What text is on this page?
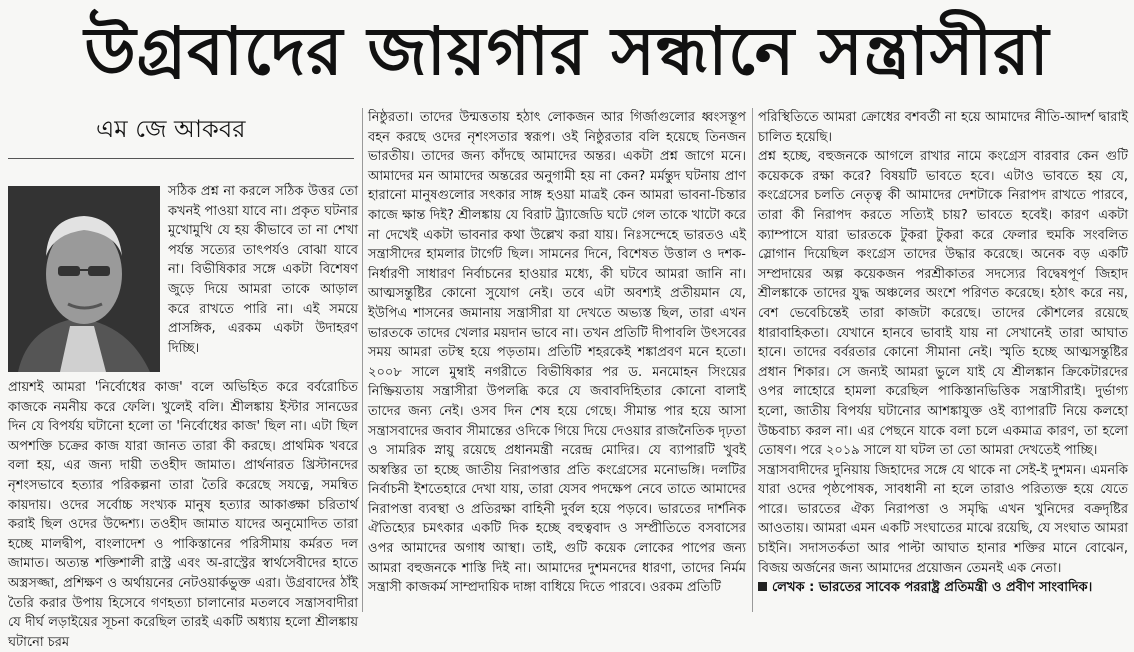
উগ্রবাদের জায়গার সন্ধানে সন্ত্রাসীরা
এম জে আকবর

সঠিক প্রশ্ন না করলে সঠিক উত্তর তো কখনই পাওয়া যাবে না। প্রকৃত ঘটনার মুখোমুখি যে হয় কীভাবে তা না শেখা পর্যন্ত সত্যের তাৎপর্যও বোঝা যাবে না। বিভীষিকার সঙ্গে একটা বিশেষণ জুড়ে দিয়ে আমরা তাকে আড়াল করে রাখতে পারি না। এই সময়ে প্রাসঙ্গিক, এরকম একটা উদাহরণ দিচ্ছি।

প্রায়শই আমরা 'নির্বোধের কাজ' বলে অভিহিত করে বর্বরোচিত কাজকে নমনীয় করে ফেলি। খুলেই বলি। শ্রীলঙ্কায় ইস্টার সানডের দিন যে বিপর্যয় ঘটানো হলো তা 'নির্বোধের কাজ' ছিল না। এটা ছিল অপশক্তি চক্রের কাজ যারা জানত তারা কী করছে। প্রাথমিক খবরে বলা হয়, এর জন্য দায়ী তওহীদ জামাত। প্রার্থনারত খ্রিস্টানদের নৃশংসভাবে হত্যার পরিকল্পনা তারা তৈরি করেছে সযত্নে, সমন্বিত কায়দায়। ওদের সর্বোচ্চ সংখ্যক মানুষ হত্যার আকাঙ্ক্ষা চরিতার্থ করাই ছিল ওদের উদ্দেশ্য। তওহীদ জামাত যাদের অনুমোদিত তারা হচ্ছে মালদ্বীপ, বাংলাদেশ ও পাকিস্তানের পরিসীমায় কর্মরত দল জামাত। অত্যন্ত শক্তিশালী রাস্ট্র এবং অ-রাস্ট্রের স্বার্থসেবীদের হাতে অস্ত্রসজ্জা, প্রশিক্ষণ ও অর্থায়নের নেটওয়ার্কভুক্ত এরা। উগ্রবাদের ঠাঁই তৈরি করার উপায় হিসেবে গণহত্যা চালানোর মতলবে সন্ত্রাসবাদীরা যে দীর্ঘ লড়াইয়ের সূচনা করেছিল তারই একটি অধ্যায় হলো শ্রীলঙ্কায় ঘটানো চরম

নিষ্ঠুরতা। তাদের উন্মত্ততায় হঠাৎ লোকজন আর গির্জাগুলোর ধ্বংসস্তূপ বহন করছে ওদের নৃশংসতার স্বরূপ। ওই নিষ্ঠুরতার বলি হয়েছে তিনজন ভারতীয়। তাদের জন্য কাঁদছে আমাদের অন্তর। একটা প্রশ্ন জাগে মনে। আমাদের মন আমাদের অন্তরের অনুগামী হয় না কেন? মর্মন্তুদ ঘটনায় প্রাণ হারানো মানুষগুলোর সৎকার সাঙ্গ হওয়া মাত্রই কেন আমরা ভাবনা-চিন্তার কাজে ক্ষান্ত দিই? শ্রীলঙ্কায় যে বিরাট ট্র্যাজেডি ঘটে গেল তাকে খাটো করে না দেখেই একটা ভাবনার কথা উল্লেখ করা যায়। নিঃসন্দেহে ভারতও এই সন্ত্রাসীদের হামলার টার্গেট ছিল। সামনের দিনে, বিশেষত উত্তাল ও দশক-নির্ধারণী সাধারণ নির্বাচনের হাওয়ার মধ্যে, কী ঘটবে আমরা জানি না। আত্মসন্তুষ্টির কোনো সুযোগ নেই। তবে এটা অবশ্যই প্রতীয়মান যে, ইউপিএ শাসনের জমানায় সন্ত্রাসীরা যা দেখতে অভ্যস্ত ছিল, তারা এখন ভারতকে তাদের খেলার ময়দান ভাবে না। তখন প্রতিটি দীপাবলি উৎসবের সময় আমরা তটস্থ হয়ে পড়তাম। প্রতিটি শহরকেই শঙ্কাপ্রবণ মনে হতো। ২০০৮ সালে মুম্বাই নগরীতে বিভীষিকার পর ড. মনমোহন সিংয়ের নিষ্ক্রিয়তায় সন্ত্রাসীরা উপলব্ধি করে যে জবাবদিহিতার কোনো বালাই তাদের জন্য নেই। ওসব দিন শেষ হয়ে গেছে। সীমান্ত পার হয়ে আসা সন্ত্রাসবাদের জবাব সীমান্তের ওদিকে গিয়ে দিয়ে দেওয়ার রাজনৈতিক দৃঢ়তা ও সামরিক স্নায়ু রয়েছে প্রধানমন্ত্রী নরেন্দ্র মোদির। যে ব্যাপারটি খুবই অস্বস্তির তা হচ্ছে জাতীয় নিরাপত্তার প্রতি কংগ্রেসের মনোভঙ্গি। দলটির নির্বাচনী ইশতেহারে দেখা যায়, তারা যেসব পদক্ষেপ নেবে তাতে আমাদের নিরাপত্তা ব্যবস্থা ও প্রতিরক্ষা বাহিনী দুর্বল হয়ে পড়বে। ভারতের দার্শনিক ঐতিহ্যের চমৎকার একটি দিক হচ্ছে বহুত্ববাদ ও সম্প্রীতিতে বসবাসের ওপর আমাদের অগাধ আস্থা। তাই, গুটি কয়েক লোকের পাপের জন্য আমরা বহুজনকে শাস্তি দিই না। আমাদের দুশমনদের ধারণা, তাদের নির্মম সন্ত্রাসী কাজকর্ম সাম্প্রদায়িক দাঙ্গা বাধিয়ে দিতে পারবে। ওরকম প্রতিটি

পরিস্থিতিতে আমরা ক্রোধের বশবর্তী না হয়ে আমাদের নীতি-আদর্শ দ্বারাই চালিত হয়েছি।

প্রশ্ন হচ্ছে, বহুজনকে আগলে রাখার নামে কংগ্রেস বারবার কেন গুটি কয়েককে রক্ষা করে? বিষয়টি ভাবতে হবে। এটাও ভাবতে হয় যে, কংগ্রেসের চলতি নেতৃত্ব কী আমাদের দেশটাকে নিরাপদ রাখতে পারবে, তারা কী নিরাপদ করতে সত্যিই চায়? ভাবতে হবেই। কারণ একটা ক্যাম্পাসে যারা ভারতকে টুকরা টুকরা করে ফেলার হুমকি সংবলিত স্লোগান দিয়েছিল কংগ্রেস তাদের উদ্ধার করেছে। অনেক বড় একটি সম্প্রদায়ের অল্প কয়েকজন পরশ্রীকাতর সদস্যের বিদ্বেষপূর্ণ জিহাদ শ্রীলঙ্কাকে তাদের যুদ্ধ অঞ্চলের অংশে পরিণত করেছে। হঠাৎ করে নয়, বেশ ভেবেচিন্তেই তারা কাজটা করেছে। তাদের কৌশলের রয়েছে ধারাবাহিকতা। যেখানে হানবে ভাবাই যায় না সেখানেই তারা আঘাত হানে। তাদের বর্বরতার কোনো সীমানা নেই। স্মৃতি হচ্ছে আত্মসন্তুষ্টির প্রধান শিকার। সে জন্যই আমরা ভুলে যাই যে শ্রীলঙ্কান ক্রিকেটারদের ওপর লাহোরে হামলা করেছিল পাকিস্তানভিত্তিক সন্ত্রাসীরাই। দুর্ভাগ্য হলো, জাতীয় বিপর্যয় ঘটানোর আশঙ্কাযুক্ত ওই ব্যাপারটি নিয়ে কলহো উচ্চবাচ্য করল না। এর পেছনে যাকে বলা চলে একমাত্র কারণ, তা হলো তোষণ। পরে ২০১৯ সালে যা ঘটল তা তো আমরা দেখতেই পাচ্ছি।

সন্ত্রাসবাদীদের দুনিয়ায় জিহাদের সঙ্গে যে থাকে না সেই-ই দুশমন। এমনকি যারা ওদের পৃষ্ঠপোষক, সাবধানী না হলে তারাও পরিত্যক্ত হয়ে যেতে পারে। ভারতের ঐক্য নিরাপত্তা ও সমৃদ্ধি এখন খুনিদের বক্রদৃষ্টির আওতায়। আমরা এমন একটি সংঘাতের মাঝে রয়েছি, যে সংঘাত আমরা চাইনি। সদাসতর্কতা আর পাল্টা আঘাত হানার শক্তির মানে বোঝেন, বিজয় অর্জনের জন্য আমাদের প্রয়োজন তেমনই এক নেতা।

লেখক : ভারতের সাবেক পররাষ্ট্র প্রতিমন্ত্রী ও প্রবীণ সাংবাদিক।
